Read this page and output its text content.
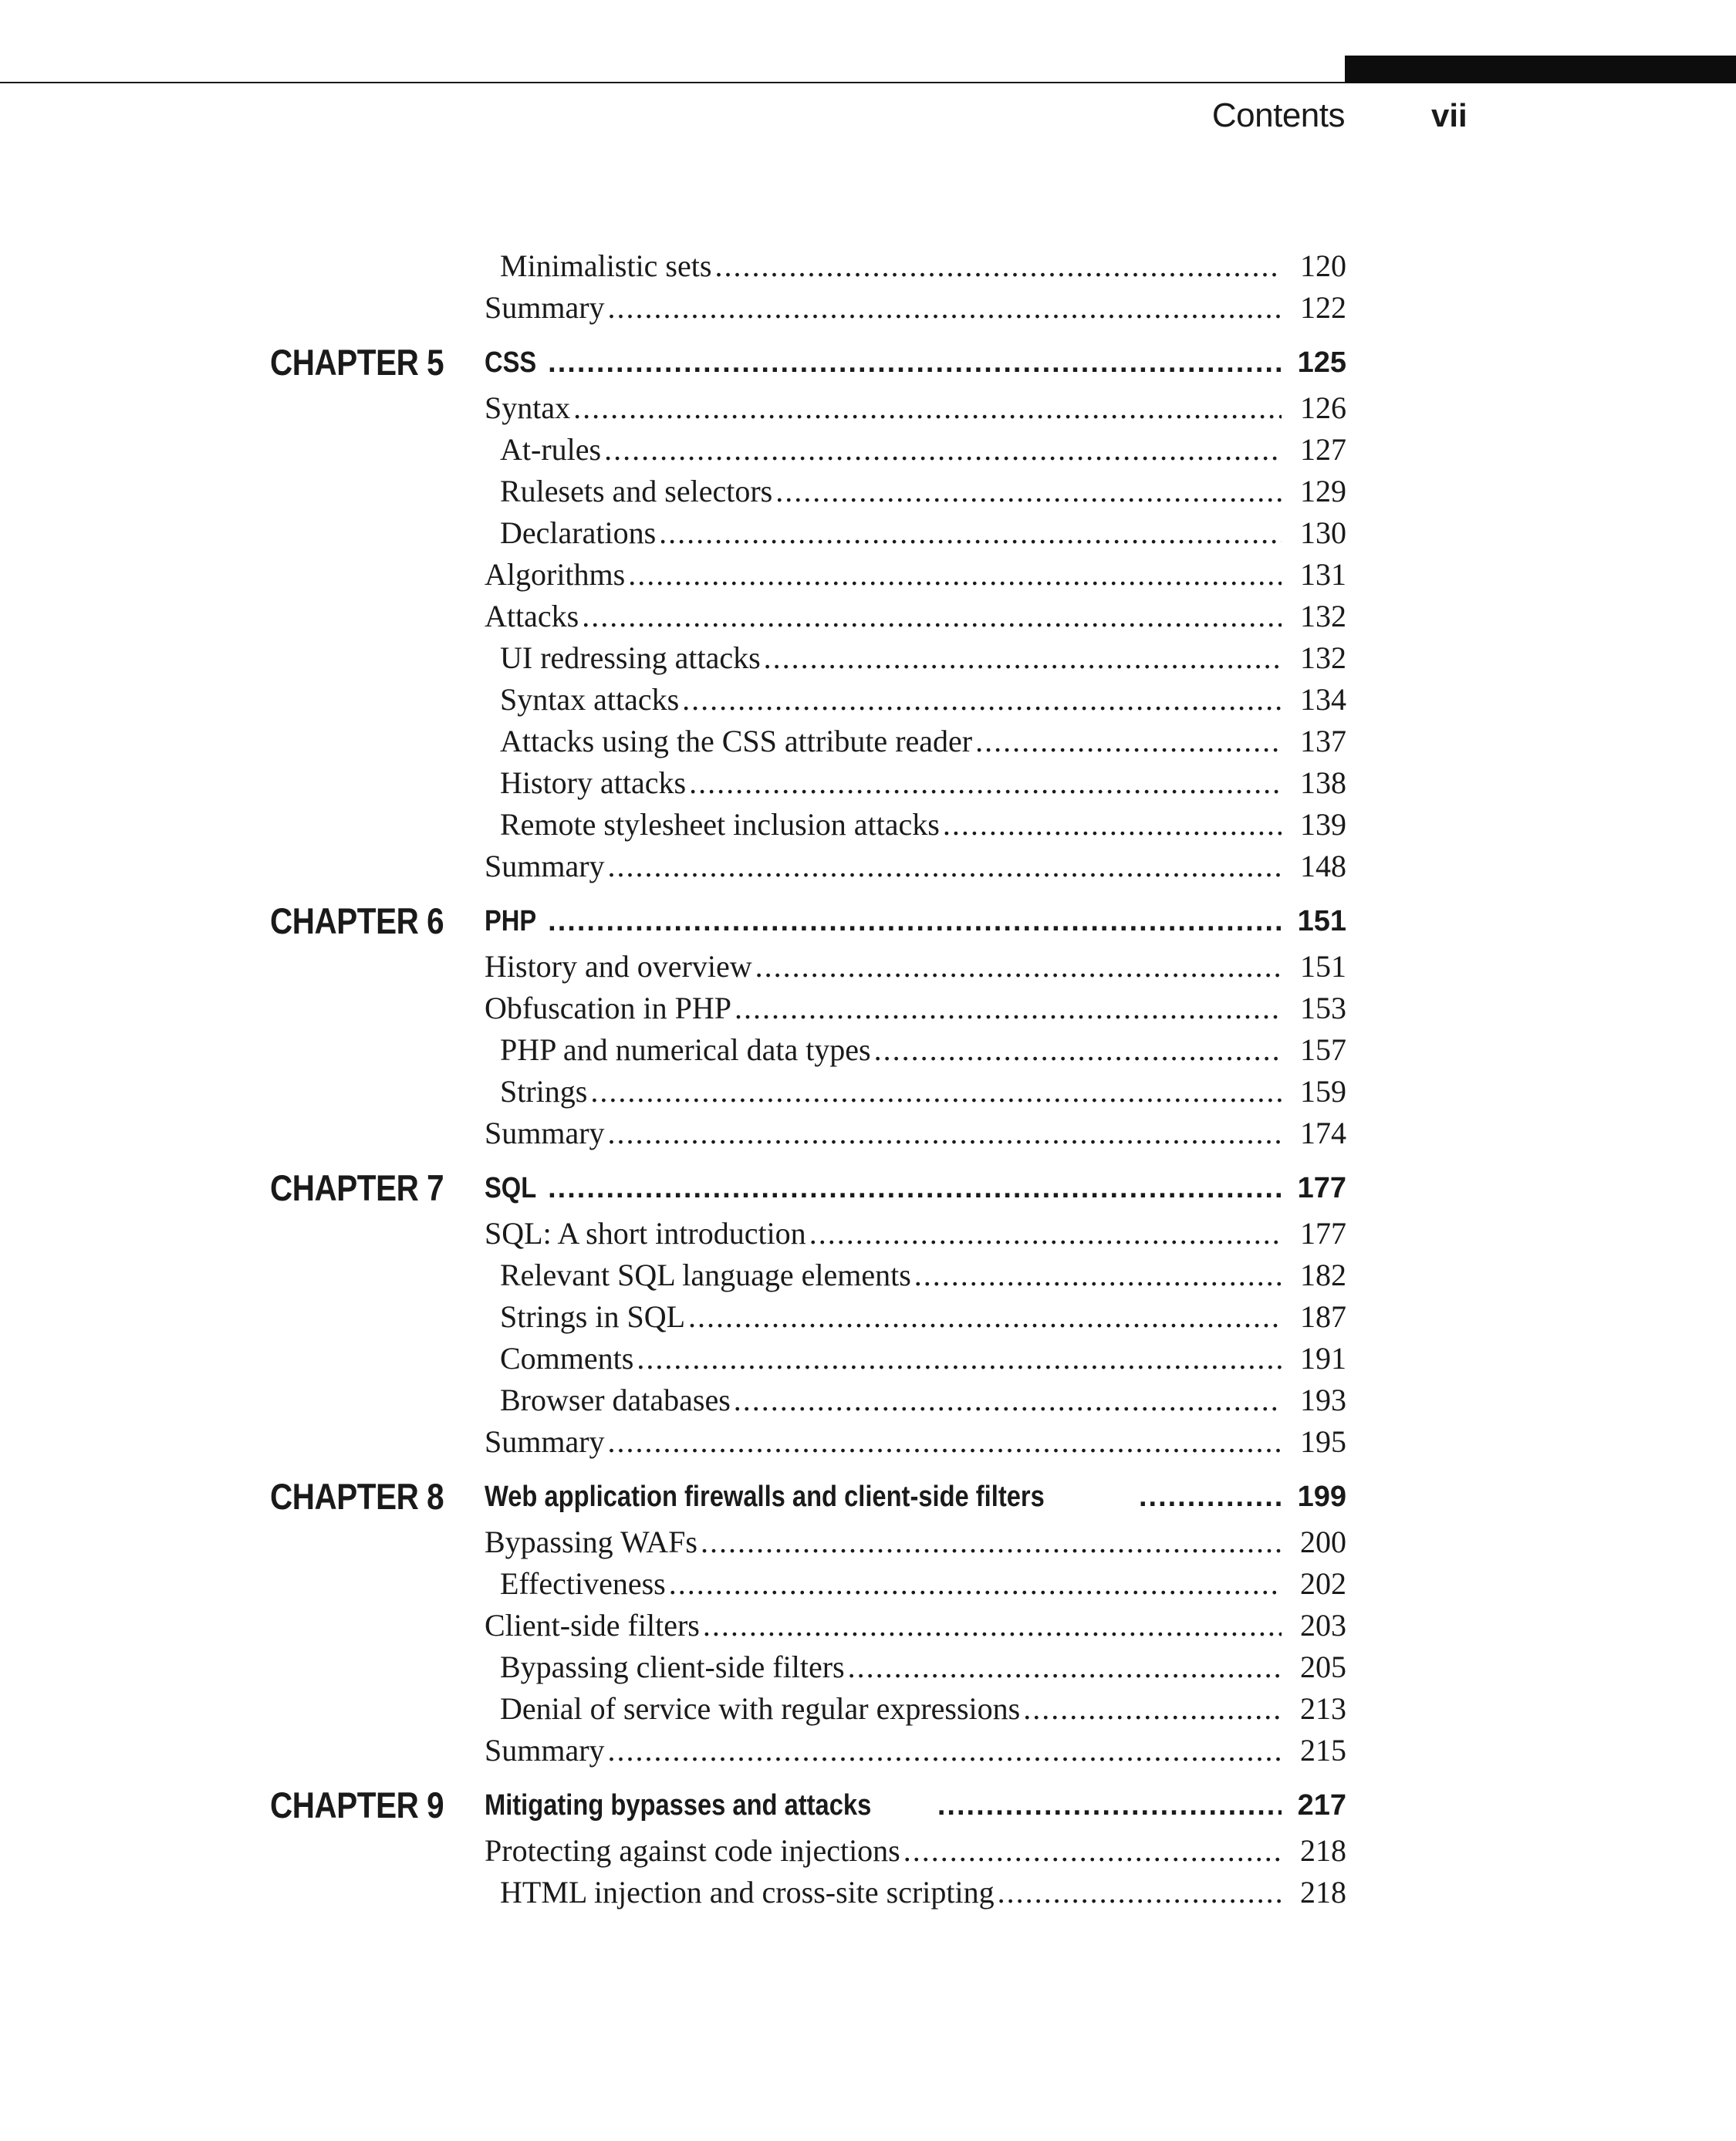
Contents	vii
Minimalistic sets .....	120
Summary .....	122
CHAPTER 5 CSS .....	125
Syntax .....	126
At-rules .....	127
Rulesets and selectors .....	129
Declarations .....	130
Algorithms .....	131
Attacks .....	132
UI redressing attacks .....	132
Syntax attacks .....	134
Attacks using the CSS attribute reader .....	137
History attacks .....	138
Remote stylesheet inclusion attacks .....	139
Summary .....	148
CHAPTER 6 PHP .....	151
History and overview .....	151
Obfuscation in PHP .....	153
PHP and numerical data types .....	157
Strings .....	159
Summary .....	174
CHAPTER 7 SQL .....	177
SQL: A short introduction .....	177
Relevant SQL language elements .....	182
Strings in SQL .....	187
Comments .....	191
Browser databases .....	193
Summary .....	195
CHAPTER 8 Web application firewalls and client-side filters .....	199
Bypassing WAFs .....	200
Effectiveness .....	202
Client-side filters .....	203
Bypassing client-side filters .....	205
Denial of service with regular expressions .....	213
Summary .....	215
CHAPTER 9 Mitigating bypasses and attacks .....	217
Protecting against code injections .....	218
HTML injection and cross-site scripting .....	218
